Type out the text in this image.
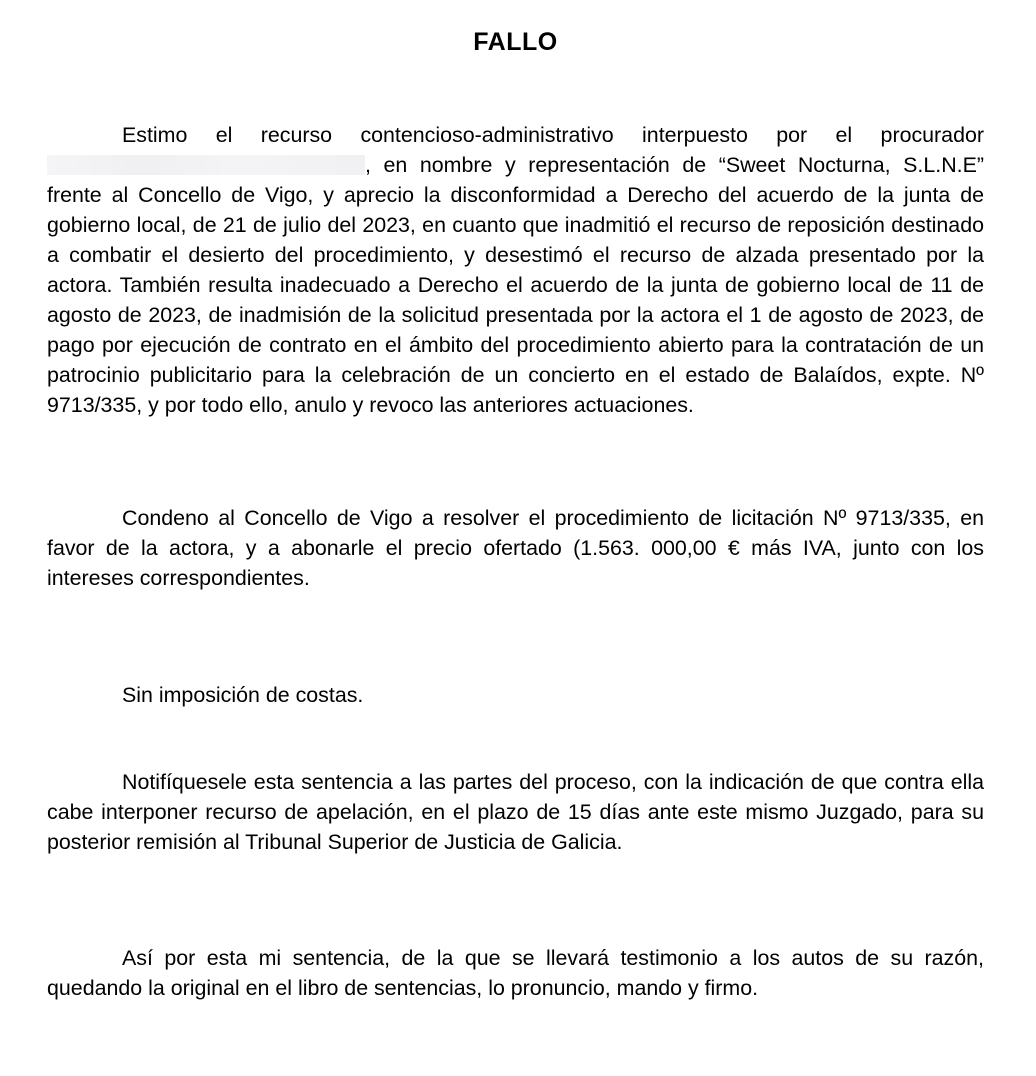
FALLO

Estimo el recurso contencioso-administrativo interpuesto por el procurador , en nombre y representación de “Sweet Nocturna, S.L.N.E” frente al Concello de Vigo, y aprecio la disconformidad a Derecho del acuerdo de la junta de gobierno local, de 21 de julio del 2023, en cuanto que inadmitió el recurso de reposición destinado a combatir el desierto del procedimiento, y desestimó el recurso de alzada presentado por la actora. También resulta inadecuado a Derecho el acuerdo de la junta de gobierno local de 11 de agosto de 2023, de inadmisión de la solicitud presentada por la actora el 1 de agosto de 2023, de pago por ejecución de contrato en el ámbito del procedimiento abierto para la contratación de un patrocinio publicitario para la celebración de un concierto en el estado de Balaídos, expte. Nº 9713/335, y por todo ello, anulo y revoco las anteriores actuaciones.

Condeno al Concello de Vigo a resolver el procedimiento de licitación Nº 9713/335, en favor de la actora, y a abonarle el precio ofertado (1.563. 000,00 € más IVA, junto con los intereses correspondientes.

Sin imposición de costas.

Notifíquesele esta sentencia a las partes del proceso, con la indicación de que contra ella cabe interponer recurso de apelación, en el plazo de 15 días ante este mismo Juzgado, para su posterior remisión al Tribunal Superior de Justicia de Galicia.

Así por esta mi sentencia, de la que se llevará testimonio a los autos de su razón, quedando la original en el libro de sentencias, lo pronuncio, mando y firmo.
